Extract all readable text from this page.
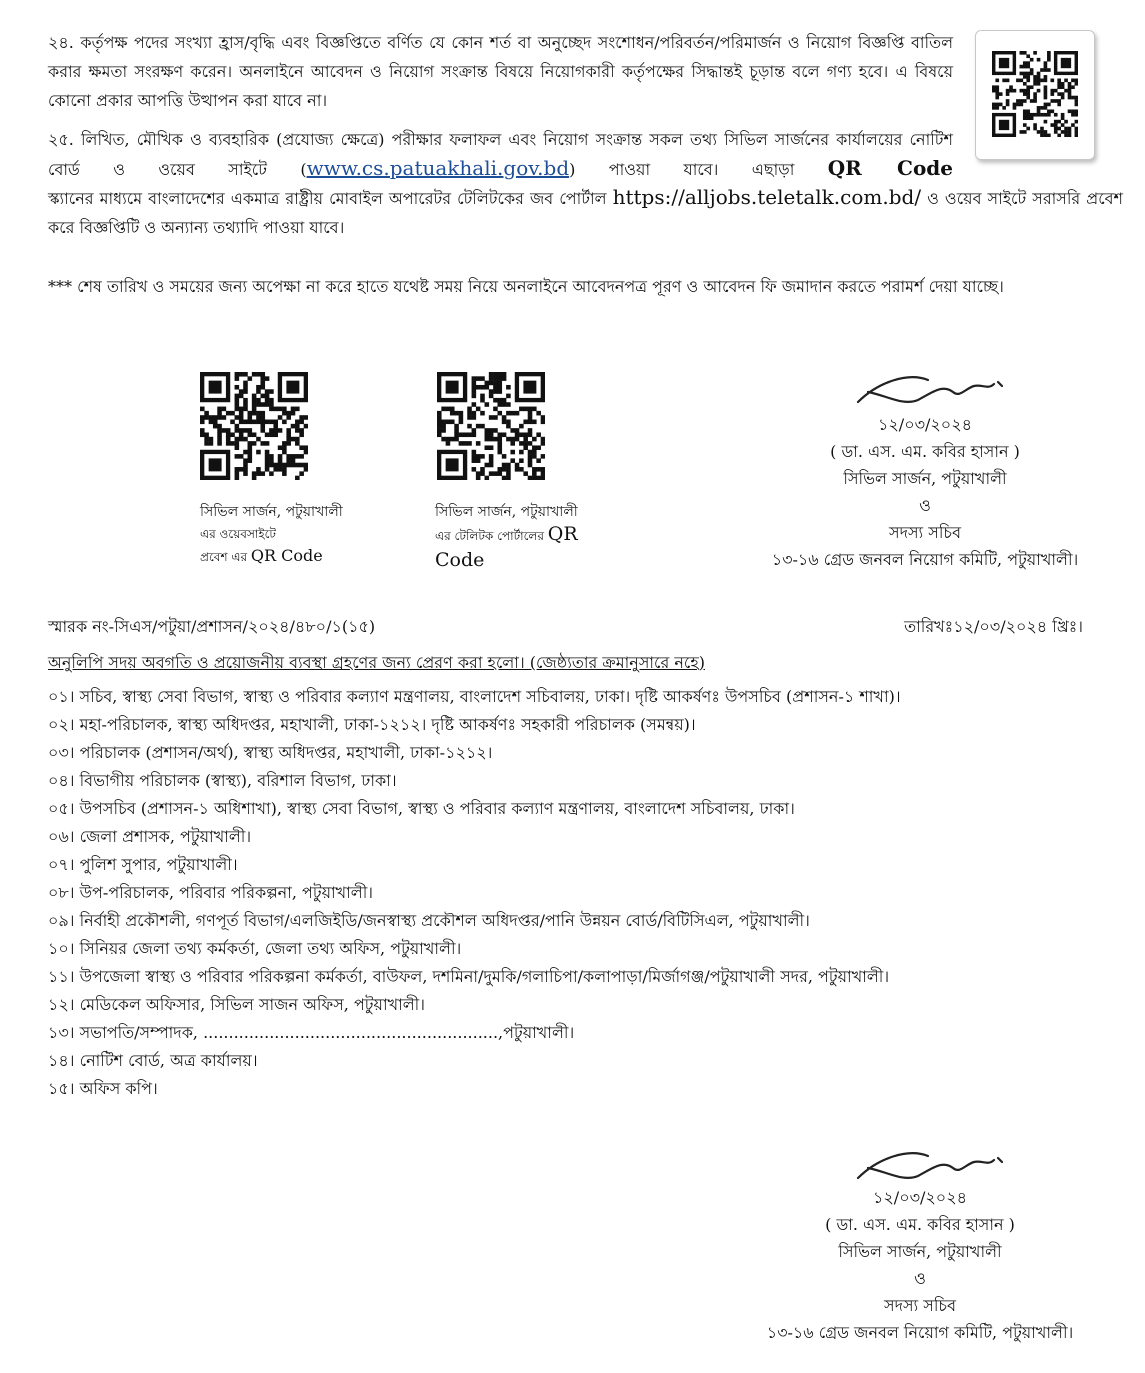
২৪. কর্তৃপক্ষ পদের সংখ্যা হ্রাস/বৃদ্ধি এবং বিজ্ঞপ্তিতে বর্ণিত যে কোন শর্ত বা অনুচ্ছেদ সংশোধন/পরিবর্তন/পরিমার্জন ও নিয়োগ বিজ্ঞপ্তি বাতিল করার ক্ষমতা সংরক্ষণ করেন। অনলাইনে আবেদন ও নিয়োগ সংক্রান্ত বিষয়ে নিয়োগকারী কর্তৃপক্ষের সিদ্ধান্তই চূড়ান্ত বলে গণ্য হবে। এ বিষয়ে কোনো প্রকার আপত্তি উত্থাপন করা যাবে না।
২৫. লিখিত, মৌখিক ও ব্যবহারিক (প্রযোজ্য ক্ষেত্রে) পরীক্ষার ফলাফল এবং নিয়োগ সংক্রান্ত সকল তথ্য সিভিল সার্জনের কার্যালয়ের নোটিশ বোর্ড ও ওয়েব সাইটে (www.cs.patuakhali.gov.bd) পাওয়া যাবে। এছাড়া QR Code
স্ক্যানের মাধ্যমে বাংলাদেশের একমাত্র রাষ্ট্রীয় মোবাইল অপারেটর টেলিটকের জব পোর্টাল https://alljobs.teletalk.com.bd/ ও ওয়েব সাইটে সরাসরি প্রবেশ করে বিজ্ঞপ্তিটি ও অন্যান্য তথ্যাদি পাওয়া যাবে।
*** শেষ তারিখ ও সময়ের জন্য অপেক্ষা না করে হাতে যথেষ্ট সময় নিয়ে অনলাইনে আবেদনপত্র পূরণ ও আবেদন ফি জমাদান করতে পরামর্শ দেয়া যাচ্ছে।
সিভিল সার্জন, পটুয়াখালী
এর ওয়েবসাইটে
প্রবেশ এর QR Code
সিভিল সার্জন, পটুয়াখালী
এর টেলিটক পোর্টালের QR
Code
১২/০৩/২০২৪
( ডা. এস. এম. কবির হাসান )
সিভিল সার্জন, পটুয়াখালী
ও
সদস্য সচিব
১৩-১৬ গ্রেড জনবল নিয়োগ কমিটি, পটুয়াখালী।
স্মারক নং-সিএস/পটুয়া/প্রশাসন/২০২৪/৪৮০/১(১৫)	তারিখঃ১২/০৩/২০২৪ খ্রিঃ।
অনুলিপি সদয় অবগতি ও প্রয়োজনীয় ব্যবস্থা গ্রহণের জন্য প্রেরণ করা হলো। (জেষ্ঠ্যতার ক্রমানুসারে নহে)
০১। সচিব, স্বাস্থ্য সেবা বিভাগ, স্বাস্থ্য ও পরিবার কল্যাণ মন্ত্রণালয়, বাংলাদেশ সচিবালয়, ঢাকা। দৃষ্টি আকর্ষণঃ উপসচিব (প্রশাসন-১ শাখা)।
০২। মহা-পরিচালক, স্বাস্থ্য অধিদপ্তর, মহাখালী, ঢাকা-১২১২। দৃষ্টি আকর্ষণঃ সহকারী পরিচালক (সমন্বয়)।
০৩। পরিচালক (প্রশাসন/অর্থ), স্বাস্থ্য অধিদপ্তর, মহাখালী, ঢাকা-১২১২।
০৪। বিভাগীয় পরিচালক (স্বাস্থ্য), বরিশাল বিভাগ, ঢাকা।
০৫। উপসচিব (প্রশাসন-১ অধিশাখা), স্বাস্থ্য সেবা বিভাগ, স্বাস্থ্য ও পরিবার কল্যাণ মন্ত্রণালয়, বাংলাদেশ সচিবালয়, ঢাকা।
০৬। জেলা প্রশাসক, পটুয়াখালী।
০৭। পুলিশ সুপার, পটুয়াখালী।
০৮। উপ-পরিচালক, পরিবার পরিকল্পনা, পটুয়াখালী।
০৯। নির্বাহী প্রকৌশলী, গণপূর্ত বিভাগ/এলজিইডি/জনস্বাস্থ্য প্রকৌশল অধিদপ্তর/পানি উন্নয়ন বোর্ড/বিটিসিএল, পটুয়াখালী।
১০। সিনিয়র জেলা তথ্য কর্মকর্তা, জেলা তথ্য অফিস, পটুয়াখালী।
১১। উপজেলা স্বাস্থ্য ও পরিবার পরিকল্পনা কর্মকর্তা, বাউফল, দশমিনা/দুমকি/গলাচিপা/কলাপাড়া/মির্জাগঞ্জ/পটুয়াখালী সদর, পটুয়াখালী।
১২। মেডিকেল অফিসার, সিভিল সাজন অফিস, পটুয়াখালী।
১৩। সভাপতি/সম্পাদক, ..........................................................,পটুয়াখালী।
১৪। নোটিশ বোর্ড, অত্র কার্যালয়।
১৫। অফিস কপি।
১২/০৩/২০২৪
( ডা. এস. এম. কবির হাসান )
সিভিল সার্জন, পটুয়াখালী
ও
সদস্য সচিব
১৩-১৬ গ্রেড জনবল নিয়োগ কমিটি, পটুয়াখালী।
